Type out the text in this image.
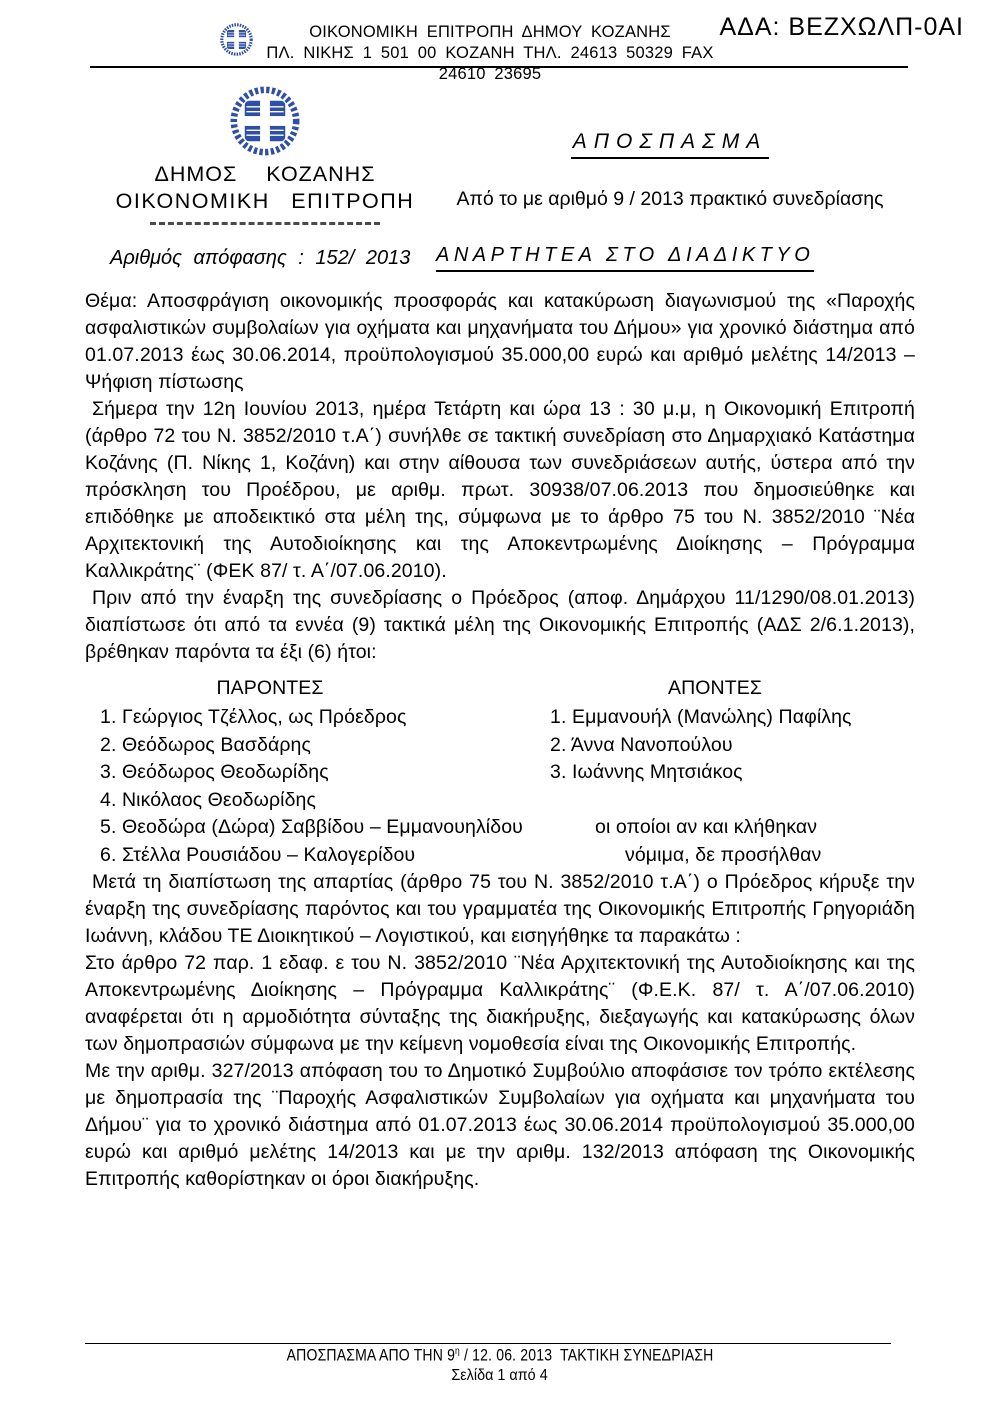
ΑΔΑ: ΒΕΖΧΩΛΠ-0ΑΙ
ΟΙΚΟΝΟΜΙΚΗ ΕΠΙΤΡΟΠΗ ΔΗΜΟΥ ΚΟΖΑΝΗΣ
ΠΛ. ΝΙΚΗΣ 1 501 00 ΚΟΖΑΝΗ ΤΗΛ. 24613 50329 FAX 24610 23695
ΔΗΜΟΣ ΚΟΖΑΝΗΣ
ΟΙΚΟΝΟΜΙΚΗ ΕΠΙΤΡΟΠΗ
ΑΠΟΣΠΑΣΜΑ
Από το με αριθμό 9 / 2013 πρακτικό συνεδρίασης
Αριθμός απόφασης : 152/ 2013 ΑΝΑΡΤΗΤΕΑ ΣΤΟ ΔΙΑΔΙΚΤΥΟ

Θέμα: Αποσφράγιση οικονομικής προσφοράς και κατακύρωση διαγωνισμού της «Παροχής ασφαλιστικών συμβολαίων για οχήματα και μηχανήματα του Δήμου» για χρονικό διάστημα από 01.07.2013 έως 30.06.2014, προϋπολογισμού 35.000,00 ευρώ και αριθμό μελέτης 14/2013 – Ψήφιση πίστωσης

Σήμερα την 12η Ιουνίου 2013, ημέρα Τετάρτη και ώρα 13 : 30 μ.μ, η Οικονομική Επιτροπή (άρθρο 72 του Ν. 3852/2010 τ.Α΄) συνήλθε σε τακτική συνεδρίαση στο Δημαρχιακό Κατάστημα Κοζάνης (Π. Νίκης 1, Κοζάνη) και στην αίθουσα των συνεδριάσεων αυτής, ύστερα από την πρόσκληση του Προέδρου, με αριθμ. πρωτ. 30938/07.06.2013 που δημοσιεύθηκε και επιδόθηκε με αποδεικτικό στα μέλη της, σύμφωνα με το άρθρο 75 του Ν. 3852/2010 ¨Νέα Αρχιτεκτονική της Αυτοδιοίκησης και της Αποκεντρωμένης Διοίκησης – Πρόγραμμα Καλλικράτης¨ (ΦΕΚ 87/ τ. Α΄/07.06.2010).

Πριν από την έναρξη της συνεδρίασης ο Πρόεδρος (αποφ. Δημάρχου 11/1290/08.01.2013) διαπίστωσε ότι από τα εννέα (9) τακτικά μέλη της Οικονομικής Επιτροπής (ΑΔΣ 2/6.1.2013), βρέθηκαν παρόντα τα έξι (6) ήτοι:

ΠΑΡΟΝΤΕΣ	ΑΠΟΝΤΕΣ
1. Γεώργιος Τζέλλος, ως Πρόεδρος
2. Θεόδωρος Βασδάρης
3. Θεόδωρος Θεοδωρίδης
4. Νικόλαος Θεοδωρίδης
5. Θεοδώρα (Δώρα) Σαββίδου – Εμμανουηλίδου
6. Στέλλα Ρουσιάδου – Καλογερίδου
1. Εμμανουήλ (Μανώλης) Παφίλης
2. Άννα Νανοπούλου
3. Ιωάννης Μητσιάκος
οι οποίοι αν και κλήθηκαν
νόμιμα, δε προσήλθαν

Μετά τη διαπίστωση της απαρτίας (άρθρο 75 του Ν. 3852/2010 τ.Α΄) ο Πρόεδρος κήρυξε την έναρξη της συνεδρίασης παρόντος και του γραμματέα της Οικονομικής Επιτροπής Γρηγοριάδη Ιωάννη, κλάδου ΤΕ Διοικητικού – Λογιστικού, και εισηγήθηκε τα παρακάτω :

Στο άρθρο 72 παρ. 1 εδαφ. ε του Ν. 3852/2010 ¨Νέα Αρχιτεκτονική της Αυτοδιοίκησης και της Αποκεντρωμένης Διοίκησης – Πρόγραμμα Καλλικράτης¨ (Φ.Ε.Κ. 87/ τ. Α΄/07.06.2010) αναφέρεται ότι η αρμοδιότητα σύνταξης της διακήρυξης, διεξαγωγής και κατακύρωσης όλων των δημοπρασιών σύμφωνα με την κείμενη νομοθεσία είναι της Οικονομικής Επιτροπής.

Με την αριθμ. 327/2013 απόφαση του το Δημοτικό Συμβούλιο αποφάσισε τον τρόπο εκτέλεσης με δημοπρασία της ¨Παροχής Ασφαλιστικών Συμβολαίων για οχήματα και μηχανήματα του Δήμου¨ για το χρονικό διάστημα από 01.07.2013 έως 30.06.2014 προϋπολογισμού 35.000,00 ευρώ και αριθμό μελέτης 14/2013 και με την αριθμ. 132/2013 απόφαση της Οικονομικής Επιτροπής καθορίστηκαν οι όροι διακήρυξης.

ΑΠΟΣΠΑΣΜΑ ΑΠΟ ΤΗΝ $9^\eta / 12$. 06. 2013  ΤΑΚΤΙΚΗ ΣΥΝΕΔΡΙΑΣΗ
Σελίδα 1 από 4
